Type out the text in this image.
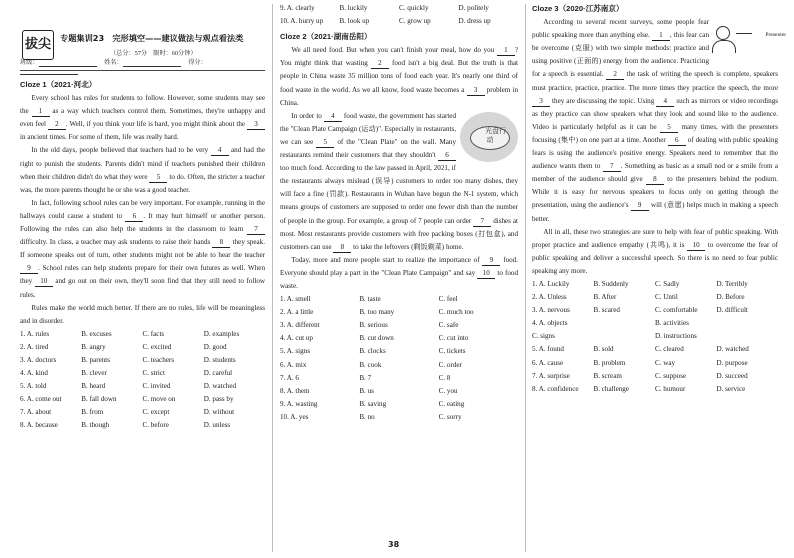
拔尖	专题集训23　完形填空——建议做法与观点看法类
（总分：57分　限时：60分钟）
班级：	姓名：	得分：
Cloze 1（2021·河北）

Every school has rules for students to follow. However, some students may see the 1 as a way which teachers control them. Sometimes, they're unhappy and even feel 2 . Well, if you think your life is hard, you might think about the 3 in ancient times. For some of them, life was really hard.

In the old days, people believed that teachers had to be very 4 and had the right to punish the students. Parents didn't mind if teachers punished their children when their children didn't do what they were 5 to do. Often, the stricter a teacher was, the more parents thought he or she was a good teacher.

In fact, following school rules can be very important. For example, running in the hallways could cause a student to 6 . It may hurt himself or another person. Following the rules can also help the students in the classroom to learn 7 difficulty. In class, a teacher may ask students to raise their hands 8 they speak. If someone speaks out of turn, other students might not be able to hear the teacher 9 . School rules can help students prepare for their own futures as well. When they 10 and go out on their own, they'll soon find that they still need to follow rules.

Rules make the world much better. If there are no rules, life will be meaningless and in disorder.

1. A. rules	B. excuses	C. facts	D. examples
2. A. tired	B. angry	C. excited	D. good
3. A. doctors	B. parents	C. teachers	D. students
4. A. kind	B. clever	C. strict	D. careful
5. A. told	B. heard	C. invited	D. watched
6. A. come out	B. fall down	C. move on	D. pass by
7. A. about	B. from	C. except	D. without
8. A. because	B. though	C. before	D. unless
9. A. clearly	B. luckily	C. quickly	D. politely
10. A. hurry up	B. look up	C. grow up	D. dress up
Cloze 2（2021·湖南岳阳）

We all need food. But when you can't finish your meal, how do you 1 ? You might think that wasting 2 food isn't a big deal. But the truth is that people in China waste 35 million tons of food each year. It's nearly one third of food waste in the world. As we all know, food waste becomes a 3 problem in China.

光盘行动
In order to 4 food waste, the government has started the "Clean Plate Campaign (运动)". Especially in restaurants, we can see 5 of the "Clean Plate" on the wall. Many restaurants remind their customers that they shouldn't 6 too much food. According to the law passed in April, 2021, if the restaurants always mislead (误导) customers to order too many dishes, they will face a fine (罚款). Restaurants in Wuhan have begun the N-1 system, which means groups of customers are supposed to order one fewer dish than the number of people in the group. For example, a group of 7 people can order 7 dishes at most. Most restaurants provide customers with free packing boxes (打包盒), and customers can use 8 to take the leftovers (剩饭剩菜) home.

Today, more and more people start to realize the importance of 9 food. Everyone should play a part in the "Clean Plate Campaign" and say 10 to food waste.

1. A. smell	B. taste	C. feel
2. A. a little	B. too many	C. much too
3. A. different	B. serious	C. safe
4. A. cut up	B. cut down	C. cut into
5. A. signs	B. clocks	C. tickets
6. A. mix	B. cook	C. order
7. A. 6	B. 7	C. 8
8. A. them	B. us	C. you
9. A. wasting	B. saving	C. eating
10. A. yes	B. no	C. sorry
Cloze 3（2020·江苏南京）

Presenter
According to several recent surveys, some people fear public speaking more than anything else. 1 , this fear can be overcome (克服) with two simple methods: practice and using positive (正面的) energy from the audience. Practicing for a speech is essential. 2 the task of writing the speech is complete, speakers must practice, practice, practice. The more times they practice the speech, the more 3 they are discussing the topic. Using 4 such as mirrors or video recordings as they practice can show speakers what they look and sound like to the audience. Video is particularly helpful as it can be 5 many times, with the presenters focusing (集中) on one part at a time. Another 6 of dealing with public speaking fears is using the audience's positive energy. Speakers need to remember that the audience wants them to 7 . Something as basic as a small nod or a smile from a member of the audience should give 8 to the presenters behind the podium. While it is easy for nervous speakers to focus only on getting through the presentation, using the audience's 9 will (意愿) helps much in making a speech better.

All in all, these two strategies are sure to help with fear of public speaking. With proper practice and audience empathy (共鸣), it is 10 to overcome the fear of public speaking and deliver a successful speech. So there is no need to fear public speaking any more.

1. A. Luckily	B. Suddenly	C. Sadly	D. Terribly
2. A. Unless	B. After	C. Until	D. Before
3. A. nervous	B. scared	C. comfortable	D. difficult
4. A. objects	B. activities
C. signs	D. instructions
5. A. found	B. sold	C. cleared	D. watched
6. A. cause	B. problem	C. way	D. purpose
7. A. surprise	B. scream	C. suppose	D. succeed
8. A. confidence	B. challenge	C. humour	D. service
38
